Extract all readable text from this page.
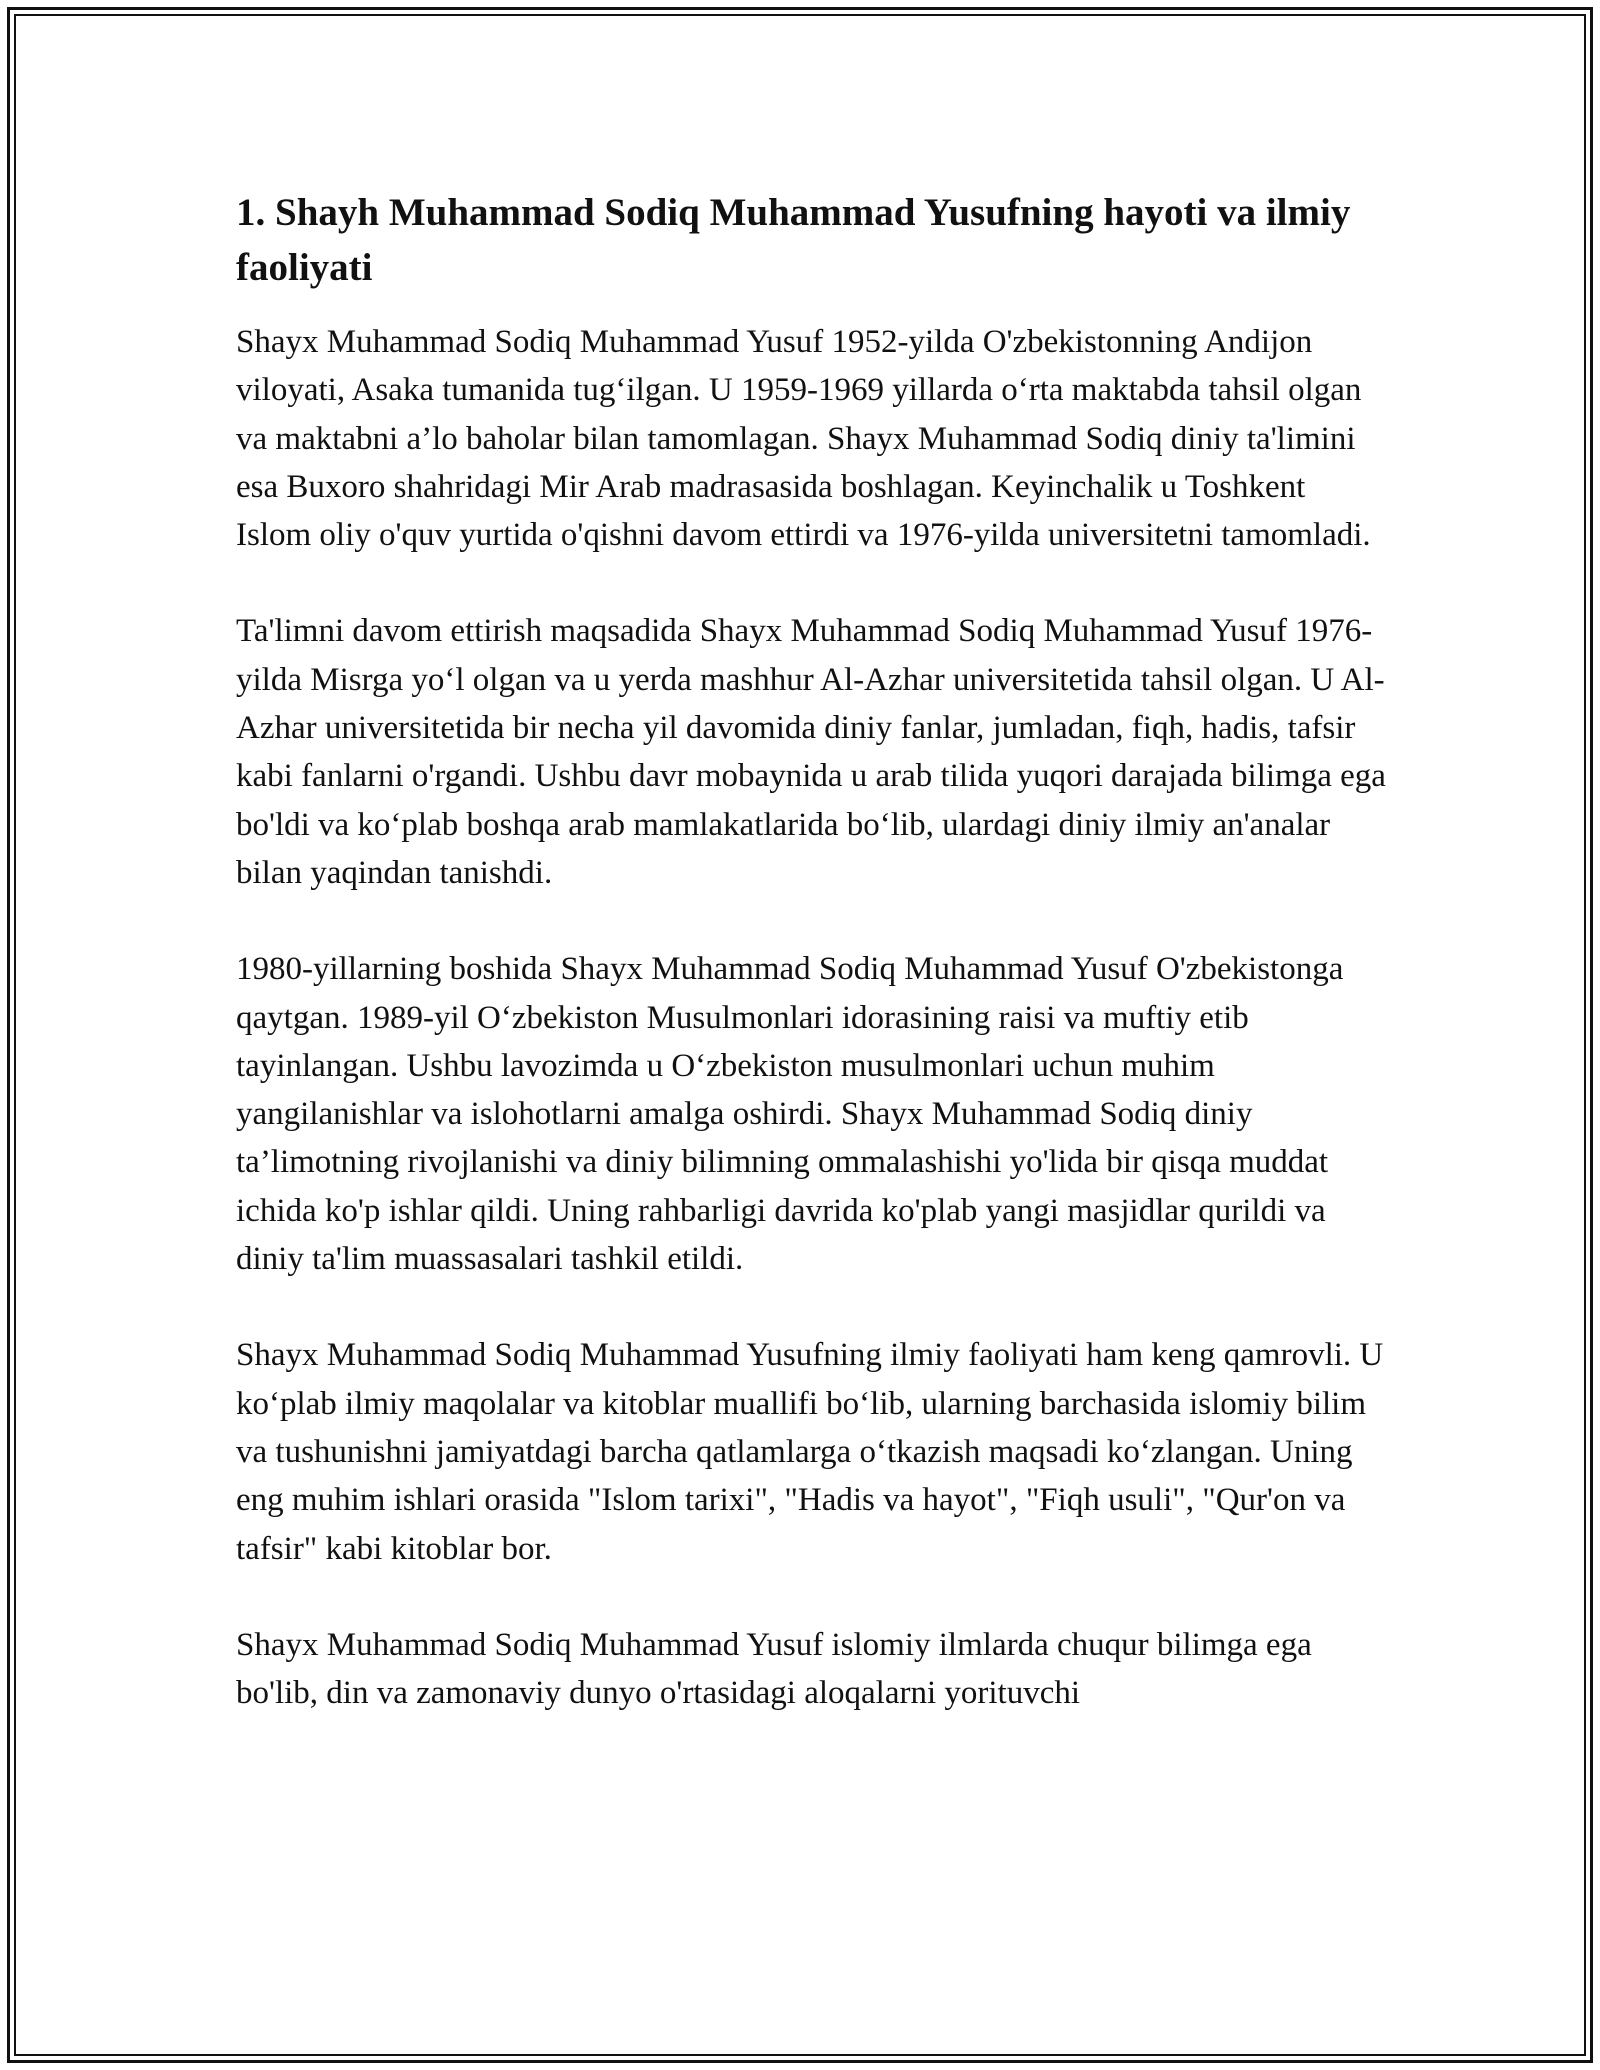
1. Shayh Muhammad Sodiq Muhammad Yusufning hayoti va ilmiy faoliyati

Shayx Muhammad Sodiq Muhammad Yusuf 1952-yilda O'zbekistonning Andijon viloyati, Asaka tumanida tug‘ilgan. U 1959-1969 yillarda o‘rta maktabda tahsil olgan va maktabni a’lo baholar bilan tamomlagan. Shayx Muhammad Sodiq diniy ta'limini esa Buxoro shahridagi Mir Arab madrasasida boshlagan. Keyinchalik u Toshkent Islom oliy o'quv yurtida o'qishni davom ettirdi va 1976-yilda universitetni tamomladi.

Ta'limni davom ettirish maqsadida Shayx Muhammad Sodiq Muhammad Yusuf 1976-yilda Misrga yo‘l olgan va u yerda mashhur Al-Azhar universitetida tahsil olgan. U Al-Azhar universitetida bir necha yil davomida diniy fanlar, jumladan, fiqh, hadis, tafsir kabi fanlarni o'rgandi. Ushbu davr mobaynida u arab tilida yuqori darajada bilimga ega bo'ldi va ko‘plab boshqa arab mamlakatlarida bo‘lib, ulardagi diniy ilmiy an'analar bilan yaqindan tanishdi.

1980-yillarning boshida Shayx Muhammad Sodiq Muhammad Yusuf O'zbekistonga qaytgan. 1989-yil O‘zbekiston Musulmonlari idorasining raisi va muftiy etib tayinlangan. Ushbu lavozimda u O‘zbekiston musulmonlari uchun muhim yangilanishlar va islohotlarni amalga oshirdi. Shayx Muhammad Sodiq diniy ta’limotning rivojlanishi va diniy bilimning ommalashishi yo'lida bir qisqa muddat ichida ko'p ishlar qildi. Uning rahbarligi davrida ko'plab yangi masjidlar qurildi va diniy ta'lim muassasalari tashkil etildi.

Shayx Muhammad Sodiq Muhammad Yusufning ilmiy faoliyati ham keng qamrovli. U ko‘plab ilmiy maqolalar va kitoblar muallifi bo‘lib, ularning barchasida islomiy bilim va tushunishni jamiyatdagi barcha qatlamlarga o‘tkazish maqsadi ko‘zlangan. Uning eng muhim ishlari orasida "Islom tarixi", "Hadis va hayot", "Fiqh usuli", "Qur'on va tafsir" kabi kitoblar bor.

Shayx Muhammad Sodiq Muhammad Yusuf islomiy ilmlarda chuqur bilimga ega bo'lib, din va zamonaviy dunyo o'rtasidagi aloqalarni yorituvchi
